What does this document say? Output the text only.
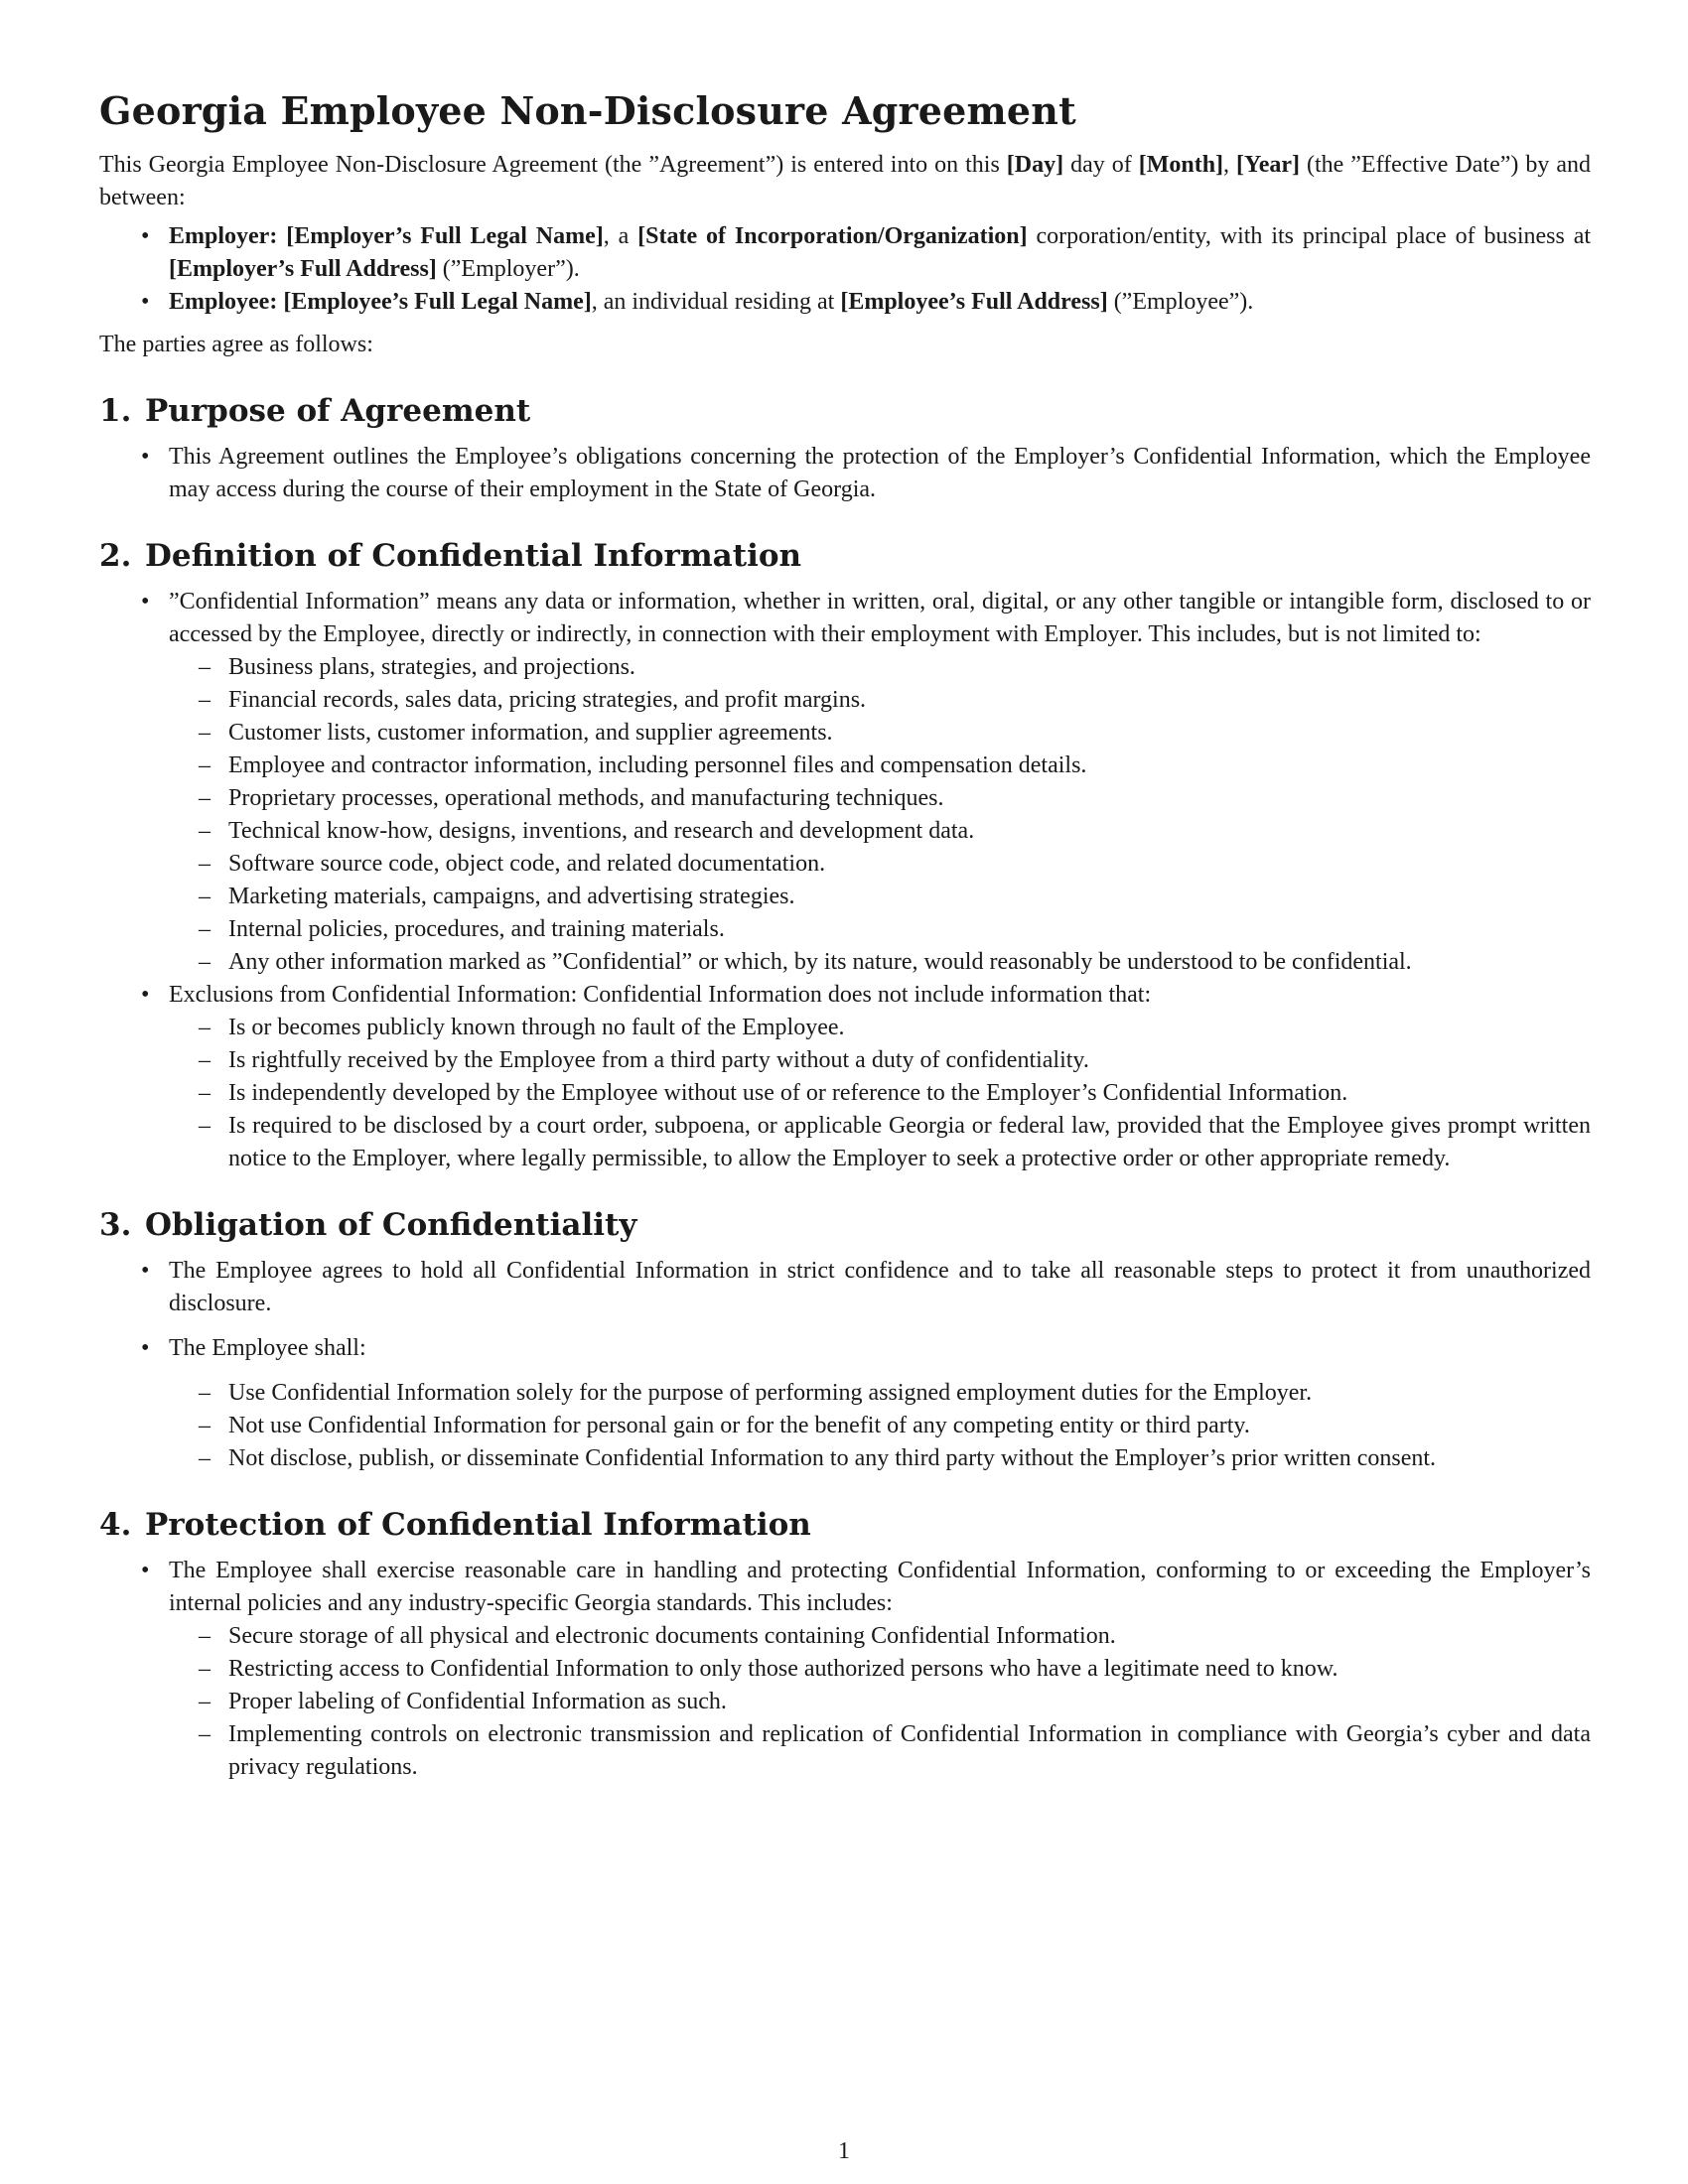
Georgia Employee Non-Disclosure Agreement

This Georgia Employee Non-Disclosure Agreement (the ”Agreement”) is entered into on this [Day] day of [Month], [Year] (the ”Effective Date”) by and between:

• Employer: [Employer’s Full Legal Name], a [State of Incorporation/Organization] corporation/entity, with its principal place of business at [Employer’s Full Address] (”Employer”).
• Employee: [Employee’s Full Legal Name], an individual residing at [Employee’s Full Address] (”Employee”).

The parties agree as follows:

1. Purpose of Agreement
• This Agreement outlines the Employee’s obligations concerning the protection of the Employer’s Confidential Information, which the Employee may access during the course of their employment in the State of Georgia.
2. Definition of Confidential Information
• ”Confidential Information” means any data or information, whether in written, oral, digital, or any other tangible or intangible form, disclosed to or accessed by the Employee, directly or indirectly, in connection with their employment with Employer. This includes, but is not limited to:
– Business plans, strategies, and projections.
– Financial records, sales data, pricing strategies, and profit margins.
– Customer lists, customer information, and supplier agreements.
– Employee and contractor information, including personnel files and compensation details.
– Proprietary processes, operational methods, and manufacturing techniques.
– Technical know-how, designs, inventions, and research and development data.
– Software source code, object code, and related documentation.
– Marketing materials, campaigns, and advertising strategies.
– Internal policies, procedures, and training materials.
– Any other information marked as ”Confidential” or which, by its nature, would reasonably be understood to be confidential.
• Exclusions from Confidential Information: Confidential Information does not include information that:
– Is or becomes publicly known through no fault of the Employee.
– Is rightfully received by the Employee from a third party without a duty of confidentiality.
– Is independently developed by the Employee without use of or reference to the Employer’s Confidential Information.
– Is required to be disclosed by a court order, subpoena, or applicable Georgia or federal law, provided that the Employee gives prompt written notice to the Employer, where legally permissible, to allow the Employer to seek a protective order or other appropriate remedy.
3. Obligation of Confidentiality
• The Employee agrees to hold all Confidential Information in strict confidence and to take all reasonable steps to protect it from unauthorized disclosure.
• The Employee shall:
– Use Confidential Information solely for the purpose of performing assigned employment duties for the Employer.
– Not use Confidential Information for personal gain or for the benefit of any competing entity or third party.
– Not disclose, publish, or disseminate Confidential Information to any third party without the Employer’s prior written consent.
4. Protection of Confidential Information
• The Employee shall exercise reasonable care in handling and protecting Confidential Information, conforming to or exceeding the Employer’s internal policies and any industry-specific Georgia standards. This includes:
– Secure storage of all physical and electronic documents containing Confidential Information.
– Restricting access to Confidential Information to only those authorized persons who have a legitimate need to know.
– Proper labeling of Confidential Information as such.
– Implementing controls on electronic transmission and replication of Confidential Information in compliance with Georgia’s cyber and data privacy regulations.
1
